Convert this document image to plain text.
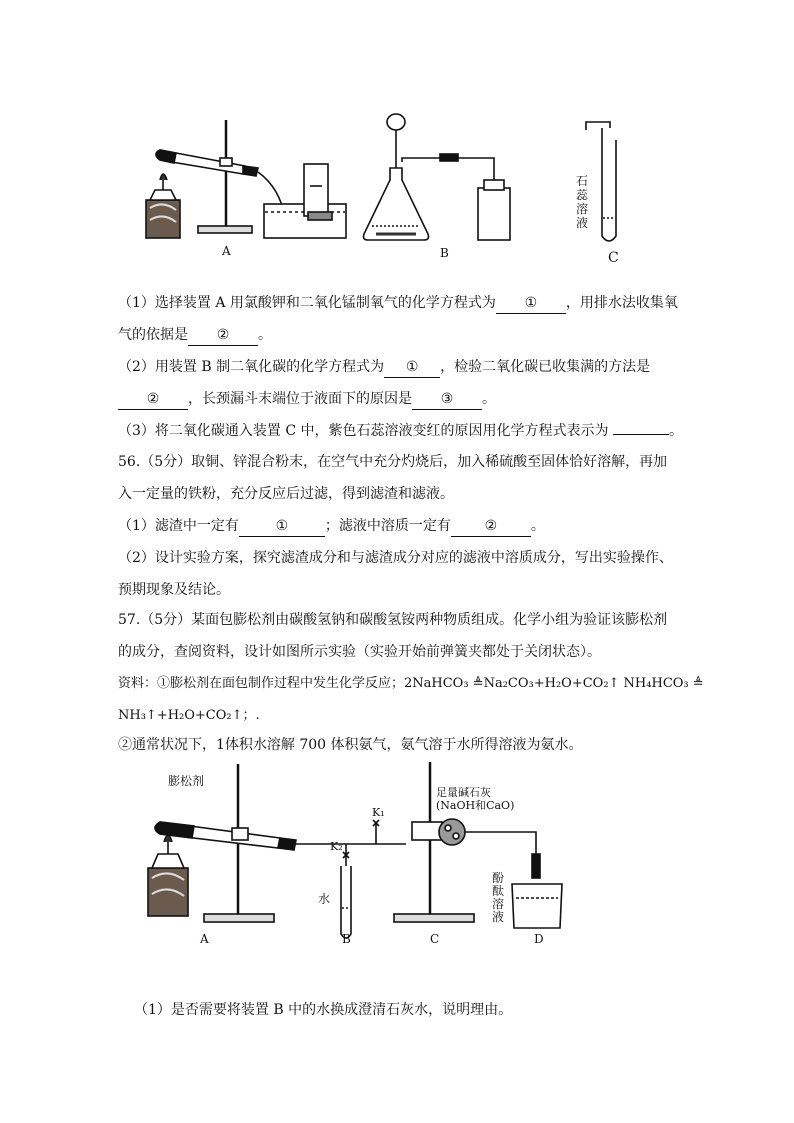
A	B	C
石
蕊
溶
液
（1）选择装置 A 用氯酸钾和二氧化锰制氧气的化学方程式为 ① ，用排水法收集氧
气的依据是 ② 。
（2）用装置 B 制二氧化碳的化学方程式为 ① ，检验二氧化碳已收集满的方法是
② ，长颈漏斗末端位于液面下的原因是 ③ 。
（3）将二氧化碳通入装置 C 中，紫色石蕊溶液变红的原因用化学方程式表示为	。
56.（5分）取铜、锌混合粉末，在空气中充分灼烧后，加入稀硫酸至固体恰好溶解，再加
入一定量的铁粉，充分反应后过滤，得到滤渣和滤液。
（1）滤渣中一定有	①	；滤液中溶质一定有 ② 。
（2）设计实验方案，探究滤渣成分和与滤渣成分对应的滤液中溶质成分，写出实验操作、
预期现象及结论。
57.（5分）某面包膨松剂由碳酸氢钠和碳酸氢铵两种物质组成。化学小组为验证该膨松剂
的成分，查阅资料，设计如图所示实验（实验开始前弹簧夹都处于关闭状态）。
资料：①膨松剂在面包制作过程中发生化学反应；2NaHCO₃ ≜Na₂CO₃+H₂O+CO₂↑ NH₄HCO₃ ≜
NH₃↑+H₂O+CO₂↑；.
②通常状况下，1体积水溶解 700 体积氨气，氨气溶于水所得溶液为氨水。
膨松剂
足量碱石灰
(NaOH和CaO)
K₁
K₂
水
酚
酞
溶
液
A	B	C	D
（1）是否需要将装置 B 中的水换成澄清石灰水，说明理由。
